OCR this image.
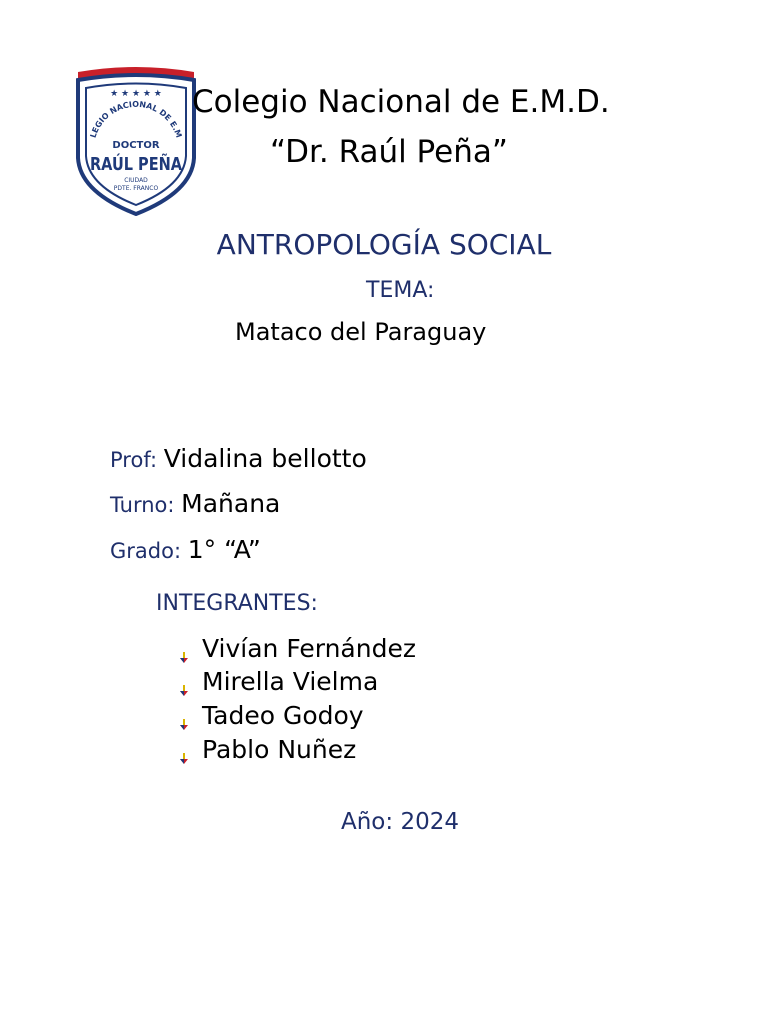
★ ★ ★ ★ ★
LEGIO NACIONAL DE E.M
DOCTOR
RAÚL PEÑA
CIUDAD
PDTE. FRANCO
Colegio Nacional de E.M.D.
“Dr. Raúl Peña”
ANTROPOLOGÍA SOCIAL
TEMA:
Mataco del Paraguay
Prof: Vidalina bellotto
Turno: Mañana
Grado: 1° “A”
INTEGRANTES:
Vivían Fernández
Mirella Vielma
Tadeo Godoy
Pablo Nuñez
Año: 2024
